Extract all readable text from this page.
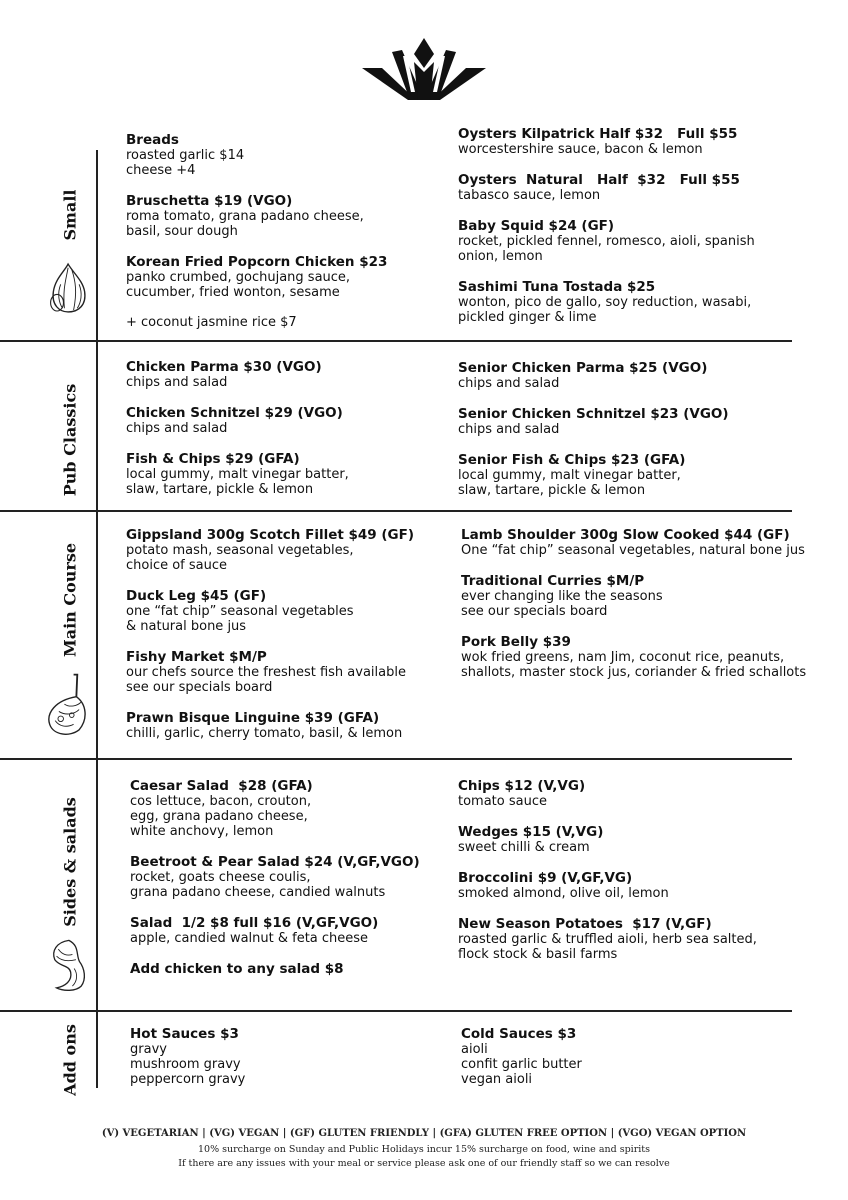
Small
Breads
roasted garlic $14
cheese +4
Bruschetta $19 (VGO)
roma tomato, grana padano cheese,
basil, sour dough
Korean Fried Popcorn Chicken $23
panko crumbed, gochujang sauce,
cucumber, fried wonton, sesame
+ coconut jasmine rice $7
Oysters Kilpatrick Half $32   Full $55
worcestershire sauce, bacon & lemon
Oysters  Natural   Half  $32   Full $55
tabasco sauce, lemon
Baby Squid $24 (GF)
rocket, pickled fennel, romesco, aioli, spanish
onion, lemon
Sashimi Tuna Tostada $25
wonton, pico de gallo, soy reduction, wasabi,
pickled ginger & lime
Pub Classics
Chicken Parma $30 (VGO)
chips and salad
Chicken Schnitzel $29 (VGO)
chips and salad
Fish & Chips $29 (GFA)
local gummy, malt vinegar batter,
slaw, tartare, pickle & lemon
Senior Chicken Parma $25 (VGO)
chips and salad
Senior Chicken Schnitzel $23 (VGO)
chips and salad
Senior Fish & Chips $23 (GFA)
local gummy, malt vinegar batter,
slaw, tartare, pickle & lemon
Main Course
Gippsland 300g Scotch Fillet $49 (GF)
potato mash, seasonal vegetables,
choice of sauce
Duck Leg $45 (GF)
one “fat chip” seasonal vegetables
& natural bone jus
Fishy Market $M/P
our chefs source the freshest fish available
see our specials board
Prawn Bisque Linguine $39 (GFA)
chilli, garlic, cherry tomato, basil, & lemon
Lamb Shoulder 300g Slow Cooked $44 (GF)
One “fat chip” seasonal vegetables, natural bone jus
Traditional Curries $M/P
ever changing like the seasons
see our specials board
Pork Belly $39
wok fried greens, nam Jim, coconut rice, peanuts,
shallots, master stock jus, coriander & fried schallots
Sides & salads
Caesar Salad  $28 (GFA)
cos lettuce, bacon, crouton,
egg, grana padano cheese,
white anchovy, lemon
Beetroot & Pear Salad $24 (V,GF,VGO)
rocket, goats cheese coulis,
grana padano cheese, candied walnuts
Salad  1/2 $8 full $16 (V,GF,VGO)
apple, candied walnut & feta cheese
Add chicken to any salad $8
Chips $12 (V,VG)
tomato sauce
Wedges $15 (V,VG)
sweet chilli & cream
Broccolini $9 (V,GF,VG)
smoked almond, olive oil, lemon
New Season Potatoes  $17 (V,GF)
roasted garlic & truffled aioli, herb sea salted,
flock stock & basil farms
Add ons	Hot Sauces $3
gravy
mushroom gravy
peppercorn gravy
Cold Sauces $3
aioli
confit garlic butter
vegan aioli
(V) VEGETARIAN | (VG) VEGAN | (GF) GLUTEN FRIENDLY | (GFA) GLUTEN FREE OPTION | (VGO) VEGAN OPTION
10% surcharge on Sunday and Public Holidays incur 15% surcharge on food, wine and spirits
If there are any issues with your meal or service please ask one of our friendly staff so we can resolve
